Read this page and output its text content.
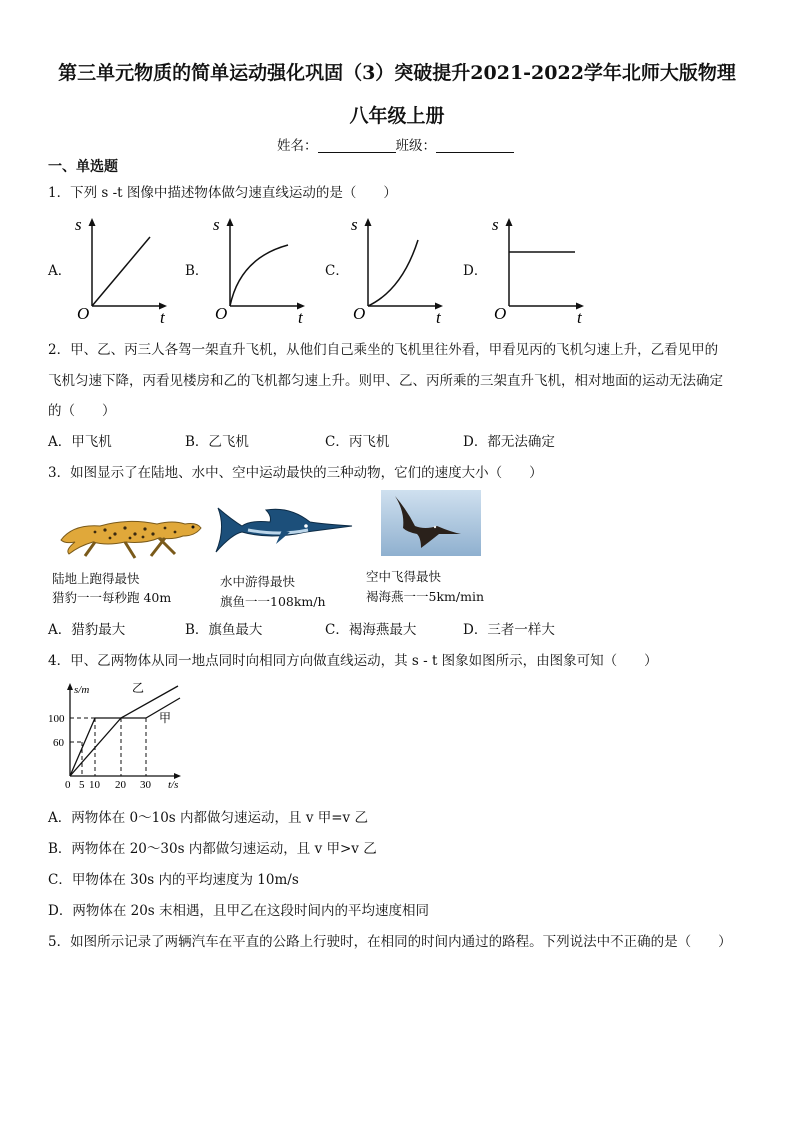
第三单元物质的简单运动强化巩固（3）突破提升2021-2022学年北师大版物理
八年级上册
姓名：	班级：
一、单选题
1．下列 s -t 图像中描述物体做匀速直线运动的是（　　）
A．
s
O	t
B．
s
O	t
C．
s
O	t
D．
s
O	t
2．甲、乙、丙三人各驾一架直升飞机，从他们自己乘坐的飞机里往外看，甲看见丙的飞机匀速上升，乙看见甲的
飞机匀速下降，丙看见楼房和乙的飞机都匀速上升。则甲、乙、丙所乘的三架直升飞机，相对地面的运动无法确定
的（　　）
A．甲飞机	B．乙飞机	C．丙飞机	D．都无法确定
3．如图显示了在陆地、水中、空中运动最快的三种动物，它们的速度大小（　　）
陆地上跑得最快
猎豹一一每秒跑 40m
水中游得最快
旗鱼一一108km/h
空中飞得最快
褐海燕一一5km/min
A．猎豹最大	B．旗鱼最大	C．褐海燕最大	D．三者一样大
4．甲、乙两物体从同一地点同时向相同方向做直线运动，其 s - t 图象如图所示，由图象可知（　　）
s/m
t/s
100
60
0 5 10 20 30
乙
甲
A．两物体在 0～10s 内都做匀速运动，且 v 甲=v 乙
B．两物体在 20～30s 内都做匀速运动，且 v 甲>v 乙
C．甲物体在 30s 内的平均速度为 10m/s
D．两物体在 20s 末相遇，且甲乙在这段时间内的平均速度相同
5．如图所示记录了两辆汽车在平直的公路上行驶时，在相同的时间内通过的路程。下列说法中不正确的是（　　）
